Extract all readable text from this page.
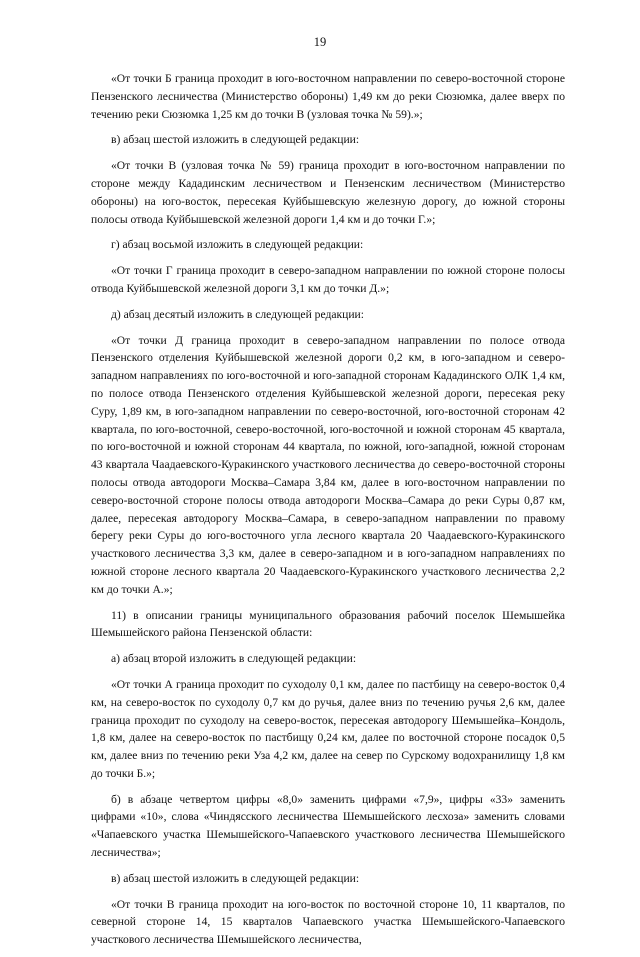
19

«От точки Б граница проходит в юго-восточном направлении по северо-восточной стороне Пензенского лесничества (Министерство обороны) 1,49 км до реки Сюзюмка, далее вверх по течению реки Сюзюмка 1,25 км до точки В (узловая точка № 59).»;

в) абзац шестой изложить в следующей редакции:

«От точки В (узловая точка № 59) граница проходит в юго-восточном направлении по стороне между Кададинским лесничеством и Пензенским лесничеством (Министерство обороны) на юго-восток, пересекая Куйбышевскую железную дорогу, до южной стороны полосы отвода Куйбышевской железной дороги 1,4 км и до точки Г.»;

г) абзац восьмой изложить в следующей редакции:

«От точки Г граница проходит в северо-западном направлении по южной стороне полосы отвода Куйбышевской железной дороги 3,1 км до точки Д.»;

д) абзац десятый изложить в следующей редакции:

«От точки Д граница проходит в северо-западном направлении по полосе отвода Пензенского отделения Куйбышевской железной дороги 0,2 км, в юго-западном и северо-западном направлениях по юго-восточной и юго-западной сторонам Кададинского ОЛК 1,4 км, по полосе отвода Пензенского отделения Куйбышевской железной дороги, пересекая реку Суру, 1,89 км, в юго-западном направлении по северо-восточной, юго-восточной сторонам 42 квартала, по юго-восточной, северо-восточной, юго-восточной и южной сторонам 45 квартала, по юго-восточной и южной сторонам 44 квартала, по южной, юго-западной, южной сторонам 43 квартала Чаадаевского-Куракинского участкового лесничества до северо-восточной стороны полосы отвода автодороги Москва–Самара 3,84 км, далее в юго-восточном направлении по северо-восточной стороне полосы отвода автодороги Москва–Самара до реки Суры 0,87 км, далее, пересекая автодорогу Москва–Самара, в северо-западном направлении по правому берегу реки Суры до юго-восточного угла лесного квартала 20 Чаадаевского-Куракинского участкового лесничества 3,3 км, далее в северо-западном и в юго-западном направлениях по южной стороне лесного квартала 20 Чаадаевского-Куракинского участкового лесничества 2,2 км до точки А.»;

11) в описании границы муниципального образования рабочий поселок Шемышейка Шемышейского района Пензенской области:

а) абзац второй изложить в следующей редакции:

«От точки А граница проходит по суходолу 0,1 км, далее по пастбищу на северо-восток 0,4 км, на северо-восток по суходолу 0,7 км до ручья, далее вниз по течению ручья 2,6 км, далее граница проходит по суходолу на северо-восток, пересекая автодорогу Шемышейка–Кондоль, 1,8 км, далее на северо-восток по пастбищу 0,24 км, далее по восточной стороне посадок 0,5 км, далее вниз по течению реки Уза 4,2 км, далее на север по Сурскому водохранилищу 1,8 км до точки Б.»;

б) в абзаце четвертом цифры «8,0» заменить цифрами «7,9», цифры «33» заменить цифрами «10», слова «Чиндясского лесничества Шемышейского лесхоза» заменить словами «Чапаевского участка Шемышейского-Чапаевского участкового лесничества Шемышейского лесничества»;

в) абзац шестой изложить в следующей редакции:

«От точки В граница проходит на юго-восток по восточной стороне 10, 11 кварталов, по северной стороне 14, 15 кварталов Чапаевского участка Шемышейского-Чапаевского участкового лесничества Шемышейского лесничества,
